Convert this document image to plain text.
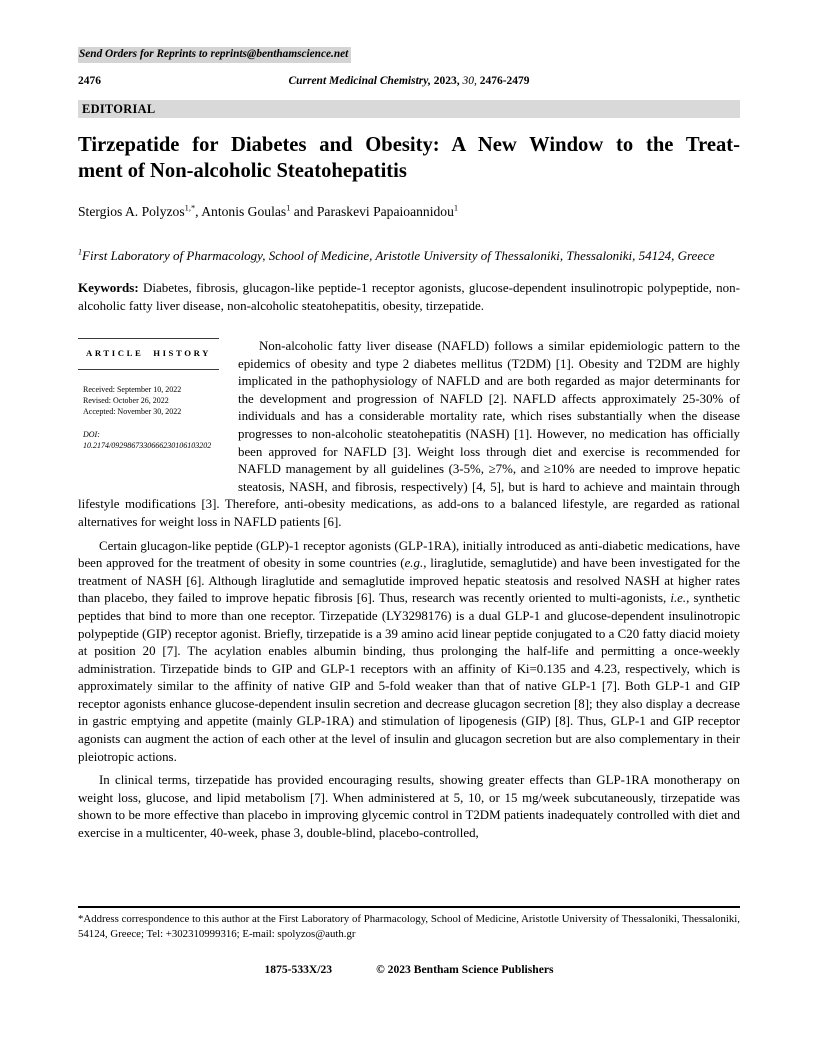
Send Orders for Reprints to reprints@benthamscience.net
2476	Current Medicinal Chemistry, 2023, 30, 2476-2479
EDITORIAL
Tirzepatide for Diabetes and Obesity: A New Window to the Treat-
ment of Non-alcoholic Steatohepatitis
Stergios A. Polyzos$^{1,*}$, Antonis Goulas$^1$ and Paraskevi Papaioannidou$^1$
$^1$First Laboratory of Pharmacology, School of Medicine, Aristotle University of Thessaloniki, Thessaloniki, 54124, Greece
Keywords: Diabetes, fibrosis, glucagon-like peptide-1 receptor agonists, glucose-dependent insulinotropic polypeptide, non-alcoholic fatty liver disease, non-alcoholic steatohepatitis, obesity, tirzepatide.
ARTICLE HISTORY
Received: September 10, 2022
Revised: October 26, 2022
Accepted: November 30, 2022
DOI:
10.2174/0929867330666230106103202

Non-alcoholic fatty liver disease (NAFLD) follows a similar epidemiologic pattern to the epidemics of obesity and type 2 diabetes mellitus (T2DM) [1]. Obesity and T2DM are highly implicated in the pathophysiology of NAFLD and are both regarded as major determinants for the development and progression of NAFLD [2]. NAFLD affects approximately 25-30% of individuals and has a considerable mortality rate, which rises substantially when the disease progresses to non-alcoholic steatohepatitis (NASH) [1]. However, no medication has officially been approved for NAFLD [3]. Weight loss through diet and exercise is recommended for NAFLD management by all guidelines (3-5%, ≥7%, and ≥10% are needed to improve hepatic steatosis, NASH, and fibrosis, respectively) [4, 5], but is hard to achieve and maintain through lifestyle modifications [3]. Therefore, anti-obesity medications, as add-ons to a balanced lifestyle, are regarded as rational alternatives for weight loss in NAFLD patients [6].

Certain glucagon-like peptide (GLP)-1 receptor agonists (GLP-1RA), initially introduced as anti-diabetic medications, have been approved for the treatment of obesity in some countries (e.g., liraglutide, semaglutide) and have been investigated for the treatment of NASH [6]. Although liraglutide and semaglutide improved hepatic steatosis and resolved NASH at higher rates than placebo, they failed to improve hepatic fibrosis [6]. Thus, research was recently oriented to multi-agonists, i.e., synthetic peptides that bind to more than one receptor. Tirzepatide (LY3298176) is a dual GLP-1 and glucose-dependent insulinotropic polypeptide (GIP) receptor agonist. Briefly, tirzepatide is a 39 amino acid linear peptide conjugated to a C20 fatty diacid moiety at position 20 [7]. The acylation enables albumin binding, thus prolonging the half-life and permitting a once-weekly administration. Tirzepatide binds to GIP and GLP-1 receptors with an affinity of Ki=0.135 and 4.23, respectively, which is approximately similar to the affinity of native GIP and 5-fold weaker than that of native GLP-1 [7]. Both GLP-1 and GIP receptor agonists enhance glucose-dependent insulin secretion and decrease glucagon secretion [8]; they also display a decrease in gastric emptying and appetite (mainly GLP-1RA) and stimulation of lipogenesis (GIP) [8]. Thus, GLP-1 and GIP receptor agonists can augment the action of each other at the level of insulin and glucagon secretion but are also complementary in their pleiotropic actions.

In clinical terms, tirzepatide has provided encouraging results, showing greater effects than GLP-1RA monotherapy on weight loss, glucose, and lipid metabolism [7]. When administered at 5, 10, or 15 mg/week subcutaneously, tirzepatide was shown to be more effective than placebo in improving glycemic control in T2DM patients inadequately controlled with diet and exercise in a multicenter, 40-week, phase 3, double-blind, placebo-controlled,

*Address correspondence to this author at the First Laboratory of Pharmacology, School of Medicine, Aristotle University of Thessaloniki, Thessaloniki, 54124, Greece; Tel: +302310999316; E-mail: spolyzos@auth.gr
1875-533X/23	© 2023 Bentham Science Publishers
